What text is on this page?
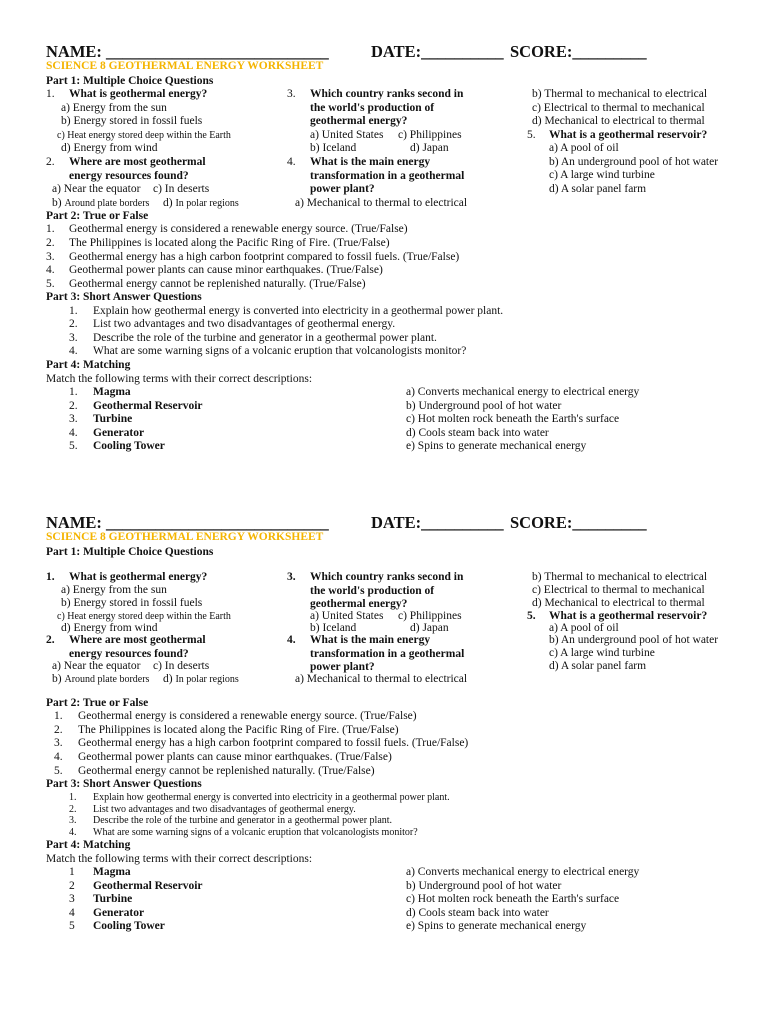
NAME: ___________________________	DATE:__________ SCORE:_________
SCIENCE 8 GEOTHERMAL ENERGY WORKSHEET
Part 1: Multiple Choice Questions
1. What is geothermal energy?
a) Energy from the sun
b) Energy stored in fossil fuels
c) Heat energy stored deep within the Earth
d) Energy from wind
2. Where are most geothermal energy resources found?
a) Near the equator c) In deserts
b) Around plate borders d) In polar regions
3. Which country ranks second in the world's production of geothermal energy?
a) United States c) Philippines
b) Iceland	d) Japan
4. What is the main energy transformation in a geothermal power plant?
a) Mechanical to thermal to electrical
b) Thermal to mechanical to electrical
c) Electrical to thermal to mechanical
d) Mechanical to electrical to thermal
5. What is a geothermal reservoir?
a) A pool of oil
b) An underground pool of hot water
c) A large wind turbine
d) A solar panel farm
Part 2: True or False
1. Geothermal energy is considered a renewable energy source. (True/False)
2. The Philippines is located along the Pacific Ring of Fire. (True/False)
3. Geothermal energy has a high carbon footprint compared to fossil fuels. (True/False)
4. Geothermal power plants can cause minor earthquakes. (True/False)
5. Geothermal energy cannot be replenished naturally. (True/False)
Part 3: Short Answer Questions
1. Explain how geothermal energy is converted into electricity in a geothermal power plant.
2. List two advantages and two disadvantages of geothermal energy.
3. Describe the role of the turbine and generator in a geothermal power plant.
4. What are some warning signs of a volcanic eruption that volcanologists monitor?
Part 4: Matching
Match the following terms with their correct descriptions:
1. Magma	a) Converts mechanical energy to electrical energy
2. Geothermal Reservoir	b) Underground pool of hot water
3. Turbine	c) Hot molten rock beneath the Earth's surface
4. Generator	d) Cools steam back into water
5. Cooling Tower	e) Spins to generate mechanical energy
NAME: ___________________________	DATE:__________ SCORE:_________
SCIENCE 8 GEOTHERMAL ENERGY WORKSHEET
Part 1: Multiple Choice Questions
1. What is geothermal energy?
a) Energy from the sun
b) Energy stored in fossil fuels
c) Heat energy stored deep within the Earth
d) Energy from wind
2. Where are most geothermal energy resources found?
a) Near the equator c) In deserts
b) Around plate borders d) In polar regions
3. Which country ranks second in the world's production of geothermal energy?
a) United States c) Philippines
b) Iceland	d) Japan
4. What is the main energy transformation in a geothermal power plant?
a) Mechanical to thermal to electrical
b) Thermal to mechanical to electrical
c) Electrical to thermal to mechanical
d) Mechanical to electrical to thermal
5. What is a geothermal reservoir?
a) A pool of oil
b) An underground pool of hot water
c) A large wind turbine
d) A solar panel farm
Part 2: True or False
1. Geothermal energy is considered a renewable energy source. (True/False)
2. The Philippines is located along the Pacific Ring of Fire. (True/False)
3. Geothermal energy has a high carbon footprint compared to fossil fuels. (True/False)
4. Geothermal power plants can cause minor earthquakes. (True/False)
5. Geothermal energy cannot be replenished naturally. (True/False)
Part 3: Short Answer Questions
1. Explain how geothermal energy is converted into electricity in a geothermal power plant.
2. List two advantages and two disadvantages of geothermal energy.
3. Describe the role of the turbine and generator in a geothermal power plant.
4. What are some warning signs of a volcanic eruption that volcanologists monitor?
Part 4: Matching
Match the following terms with their correct descriptions:
1 Magma	a) Converts mechanical energy to electrical energy
2 Geothermal Reservoir	b) Underground pool of hot water
3 Turbine	c) Hot molten rock beneath the Earth's surface
4 Generator	d) Cools steam back into water
5 Cooling Tower	e) Spins to generate mechanical energy
